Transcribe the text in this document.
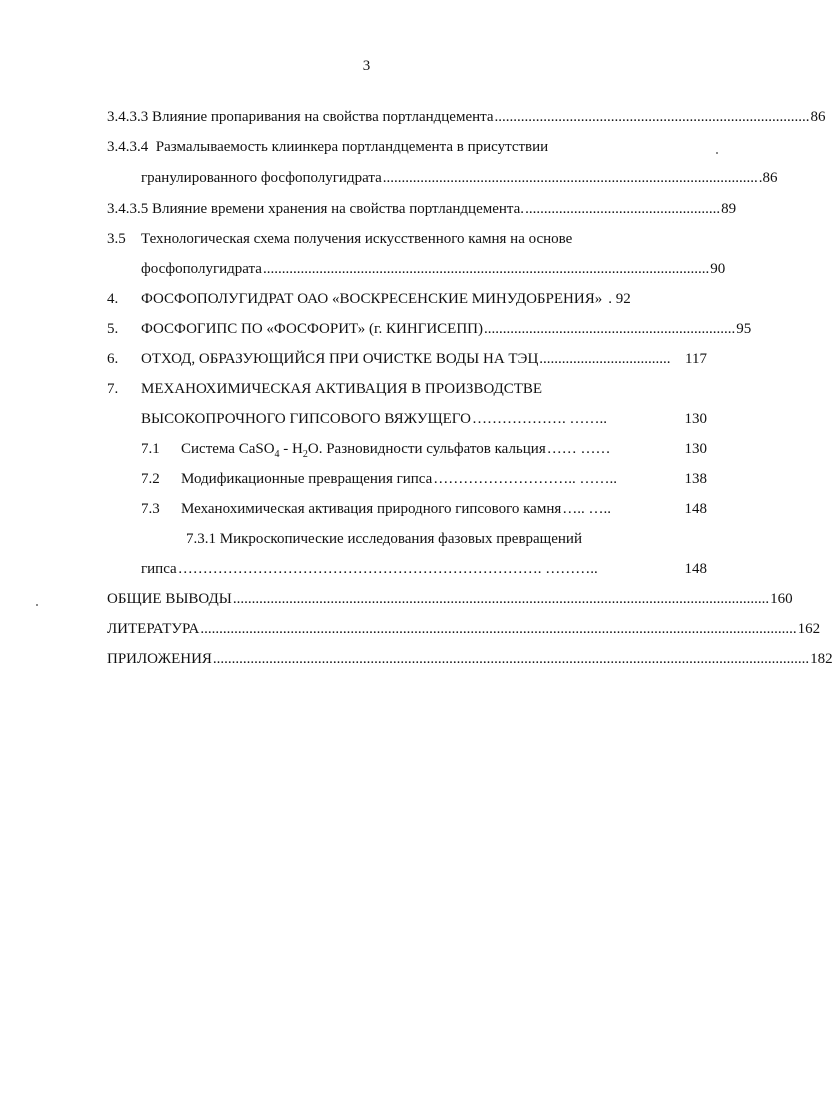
3
3.4.3.3 Влияние пропаривания на свойства портландцемента .................................................................................... 86
3.4.3.4 Размалываемость клиинкера портландцемента в присутствии
гранулированного фосфополугидрата .................................................................................................... .86
3.4.3.5 Влияние времени хранения на свойства портландцемента. .................................................... 89
3.5 Технологическая схема получения искусственного камня на основе
фосфополугидрата ....................................................................................................................... 90
4. ФОСФОПОЛУГИДРАТ ОАО «ВОСКРЕСЕНСКИЕ МИНУДОБРЕНИЯ» . 92
5. ФОСФОГИПС ПО «ФОСФОРИТ» (г. КИНГИСЕПП) ................................................................... 95
6. ОТХОД, ОБРАЗУЮЩИЙСЯ ПРИ ОЧИСТКЕ ВОДЫ НА ТЭЦ ................................... 117
7. МЕХАНОХИМИЧЕСКАЯ АКТИВАЦИЯ В ПРОИЗВОДСТВЕ
ВЫСОКОПРОЧНОГО ГИПСОВОГО ВЯЖУЩЕГО ………………. ……..	130
7.1 Система CaSO$_4$ - $H_2O$. Разновидности сульфатов кальция …… ……	130
7.2 Модификационные превращения гипса ……………………….. ……..	138
7.3 Механохимическая активация природного гипсового камня ….. …..	148
7.3.1 Микроскопические исследования фазовых превращений
гипса ………………………………………………………………. ………..	148
ОБЩИЕ ВЫВОДЫ ............................................................................................................................................... 160
ЛИТЕРАТУРА ............................................................................................................................................................... 162
ПРИЛОЖЕНИЯ ............................................................................................................................................................... 182
